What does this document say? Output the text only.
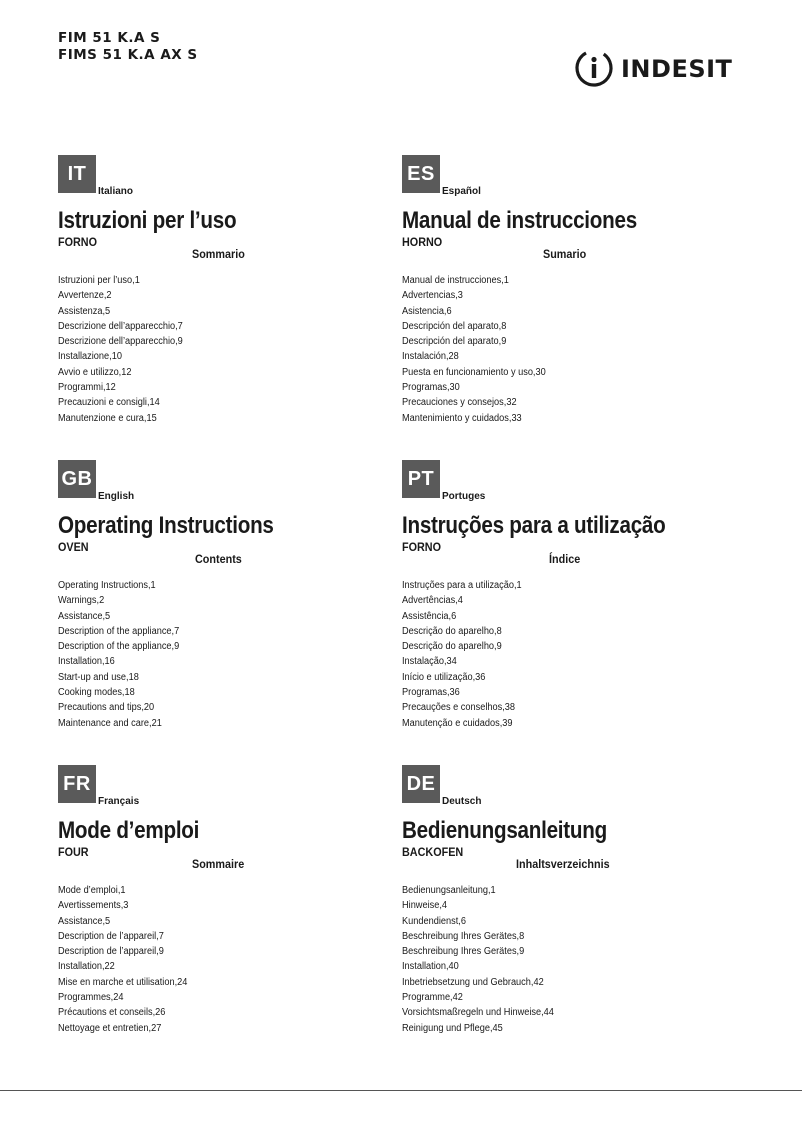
FIM 51 K.A S
FIMS 51 K.A AX S	INDESIT
IT
Italiano
Istruzioni per l’uso
FORNO
Sommario
Istruzioni per l’uso,1
Avvertenze,2
Assistenza,5
Descrizione dell’apparecchio,7
Descrizione dell’apparecchio,9
Installazione,10
Avvio e utilizzo,12
Programmi,12
Precauzioni e consigli,14
Manutenzione e cura,15
ES
Español
Manual de instrucciones
HORNO
Sumario
Manual de instrucciones,1
Advertencias,3
Asistencia,6
Descripción del aparato,8
Descripción del aparato,9
Instalación,28
Puesta en funcionamiento y uso,30
Programas,30
Precauciones y consejos,32
Mantenimiento y cuidados,33
GB
English
Operating Instructions
OVEN
Contents
Operating Instructions,1
Warnings,2
Assistance,5
Description of the appliance,7
Description of the appliance,9
Installation,16
Start-up and use,18
Cooking modes,18
Precautions and tips,20
Maintenance and care,21
PT
Portuges
Instruções para a utilização
FORNO
Índice
Instruções para a utilização,1
Advertências,4
Assistência,6
Descrição do aparelho,8
Descrição do aparelho,9
Instalação,34
Início e utilização,36
Programas,36
Precauções e conselhos,38
Manutenção e cuidados,39
FR
Français
Mode d’emploi
FOUR
Sommaire
Mode d’emploi,1
Avertissements,3
Assistance,5
Description de l’appareil,7
Description de l’appareil,9
Installation,22
Mise en marche et utilisation,24
Programmes,24
Précautions et conseils,26
Nettoyage et entretien,27
DE
Deutsch
Bedienungsanleitung
BACKOFEN
Inhaltsverzeichnis
Bedienungsanleitung,1
Hinweise,4
Kundendienst,6
Beschreibung Ihres Gerätes,8
Beschreibung Ihres Gerätes,9
Installation,40
Inbetriebsetzung und Gebrauch,42
Programme,42
Vorsichtsmaßregeln und Hinweise,44
Reinigung und Pflege,45
